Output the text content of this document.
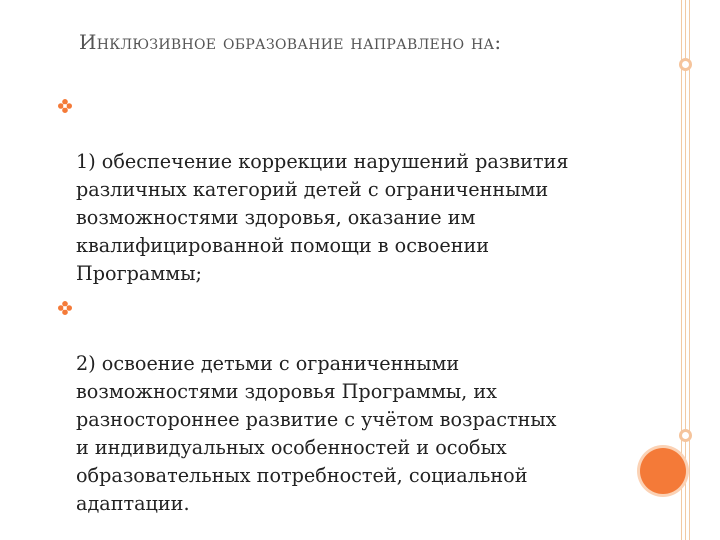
Инклюзивное образование направлено на:

1) обеспечение коррекции нарушений развития
различных категорий детей с ограниченными
возможностями здоровья, оказание им
квалифицированной помощи в освоении
Программы;

2) освоение детьми с ограниченными
возможностями здоровья Программы, их
разностороннее развитие с учётом возрастных
и индивидуальных особенностей и особых
образовательных потребностей, социальной
адаптации.
